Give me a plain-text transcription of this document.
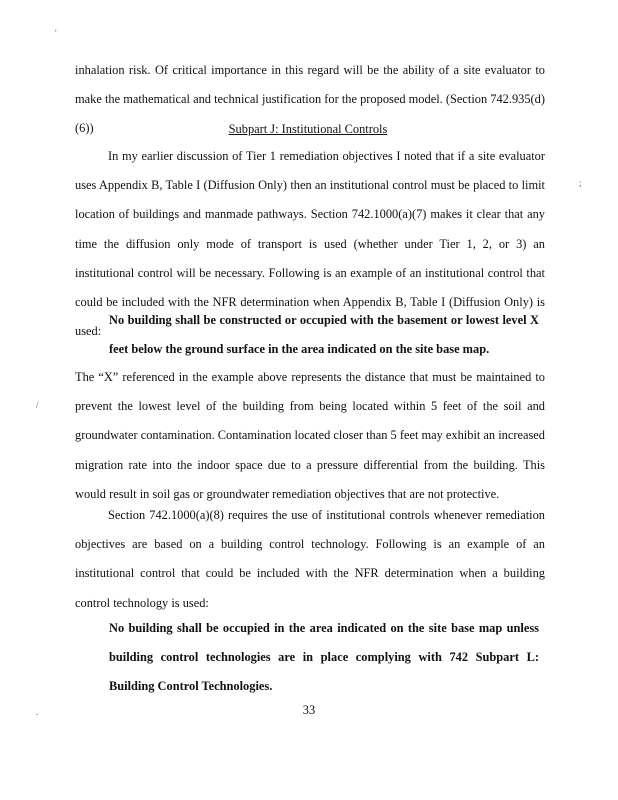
'
inhalation risk. Of critical importance in this regard will be the ability of a site evaluator to make the mathematical and technical justification for the proposed model. (Section 742.935(d)(6))	Subpart J: Institutional Controls
In my earlier discussion of Tier 1 remediation objectives I noted that if a site evaluator uses Appendix B, Table I (Diffusion Only) then an institutional control must be placed to limit location of buildings and manmade pathways. Section 742.1000(a)(7) makes it clear that any time the diffusion only mode of transport is used (whether under Tier 1, 2, or 3) an institutional control will be necessary. Following is an example of an institutional control that could be included with the NFR determination when Appendix B, Table I (Diffusion Only) is used:
;
No building shall be constructed or occupied with the basement or lowest level X feet below the ground surface in the area indicated on the site base map.
The “X” referenced in the example above represents the distance that must be maintained to prevent the lowest level of the building from being located within 5 feet of the soil and groundwater contamination. Contamination located closer than 5 feet may exhibit an increased migration rate into the indoor space due to a pressure differential from the building. This would result in soil gas or groundwater remediation objectives that are not protective.
/
Section 742.1000(a)(8) requires the use of institutional controls whenever remediation objectives are based on a building control technology. Following is an example of an institutional control that could be included with the NFR determination when a building control technology is used:
No building shall be occupied in the area indicated on the site base map unless building control technologies are in place complying with 742 Subpart L: Building Control Technologies.
.	33
